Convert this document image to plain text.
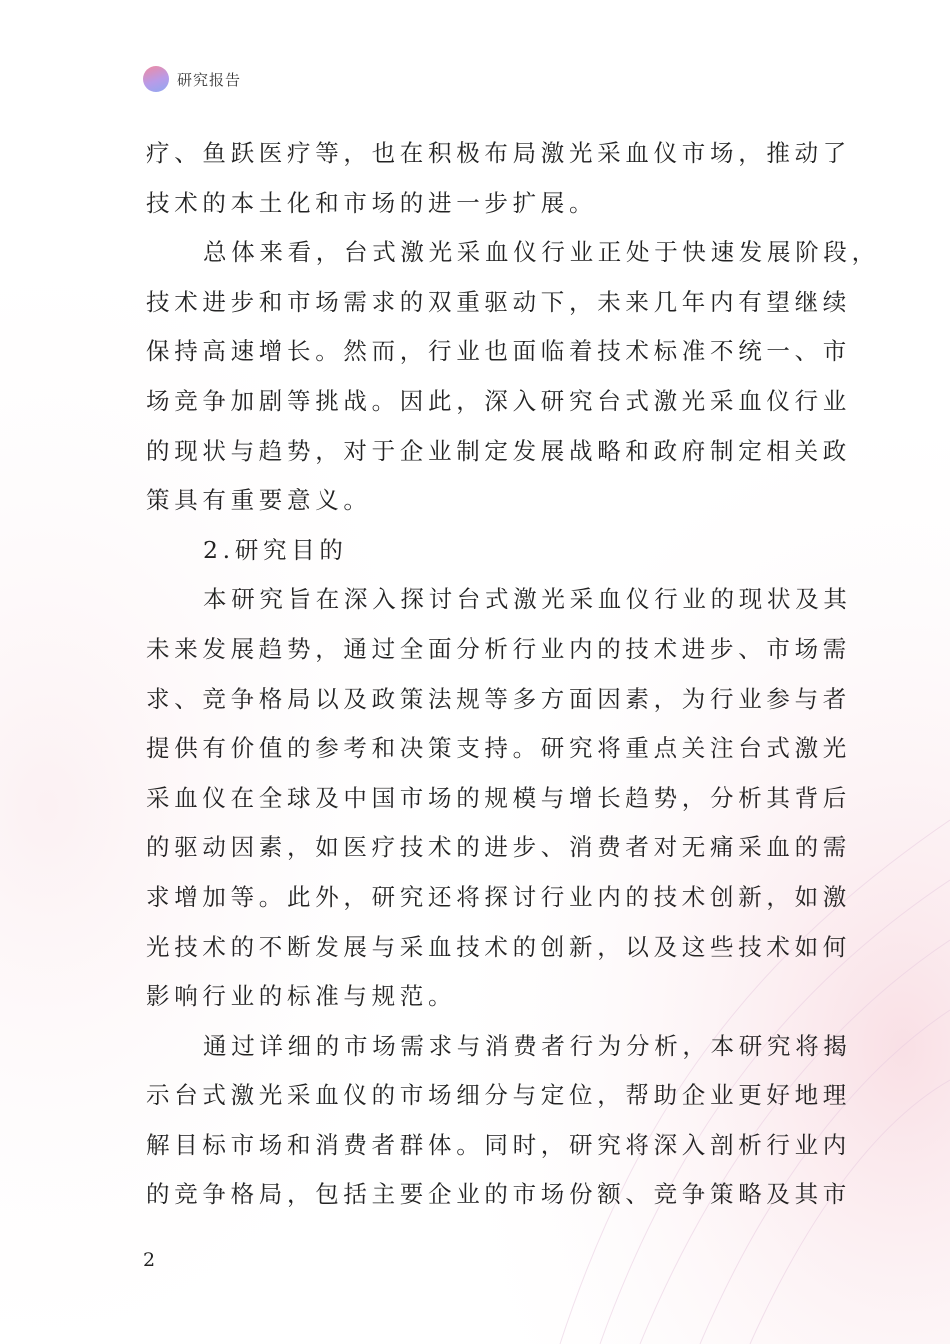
研究报告
疗、鱼跃医疗等，也在积极布局激光采血仪市场，推动了
技术的本土化和市场的进一步扩展。
总体来看，台式激光采血仪行业正处于快速发展阶段，
技术进步和市场需求的双重驱动下，未来几年内有望继续
保持高速增长。然而，行业也面临着技术标准不统一、市
场竞争加剧等挑战。因此，深入研究台式激光采血仪行业
的现状与趋势，对于企业制定发展战略和政府制定相关政
策具有重要意义。
2.研究目的
本研究旨在深入探讨台式激光采血仪行业的现状及其
未来发展趋势，通过全面分析行业内的技术进步、市场需
求、竞争格局以及政策法规等多方面因素，为行业参与者
提供有价值的参考和决策支持。研究将重点关注台式激光
采血仪在全球及中国市场的规模与增长趋势，分析其背后
的驱动因素，如医疗技术的进步、消费者对无痛采血的需
求增加等。此外，研究还将探讨行业内的技术创新，如激
光技术的不断发展与采血技术的创新，以及这些技术如何
影响行业的标准与规范。
通过详细的市场需求与消费者行为分析，本研究将揭
示台式激光采血仪的市场细分与定位，帮助企业更好地理
解目标市场和消费者群体。同时，研究将深入剖析行业内
的竞争格局，包括主要企业的市场份额、竞争策略及其市
2
